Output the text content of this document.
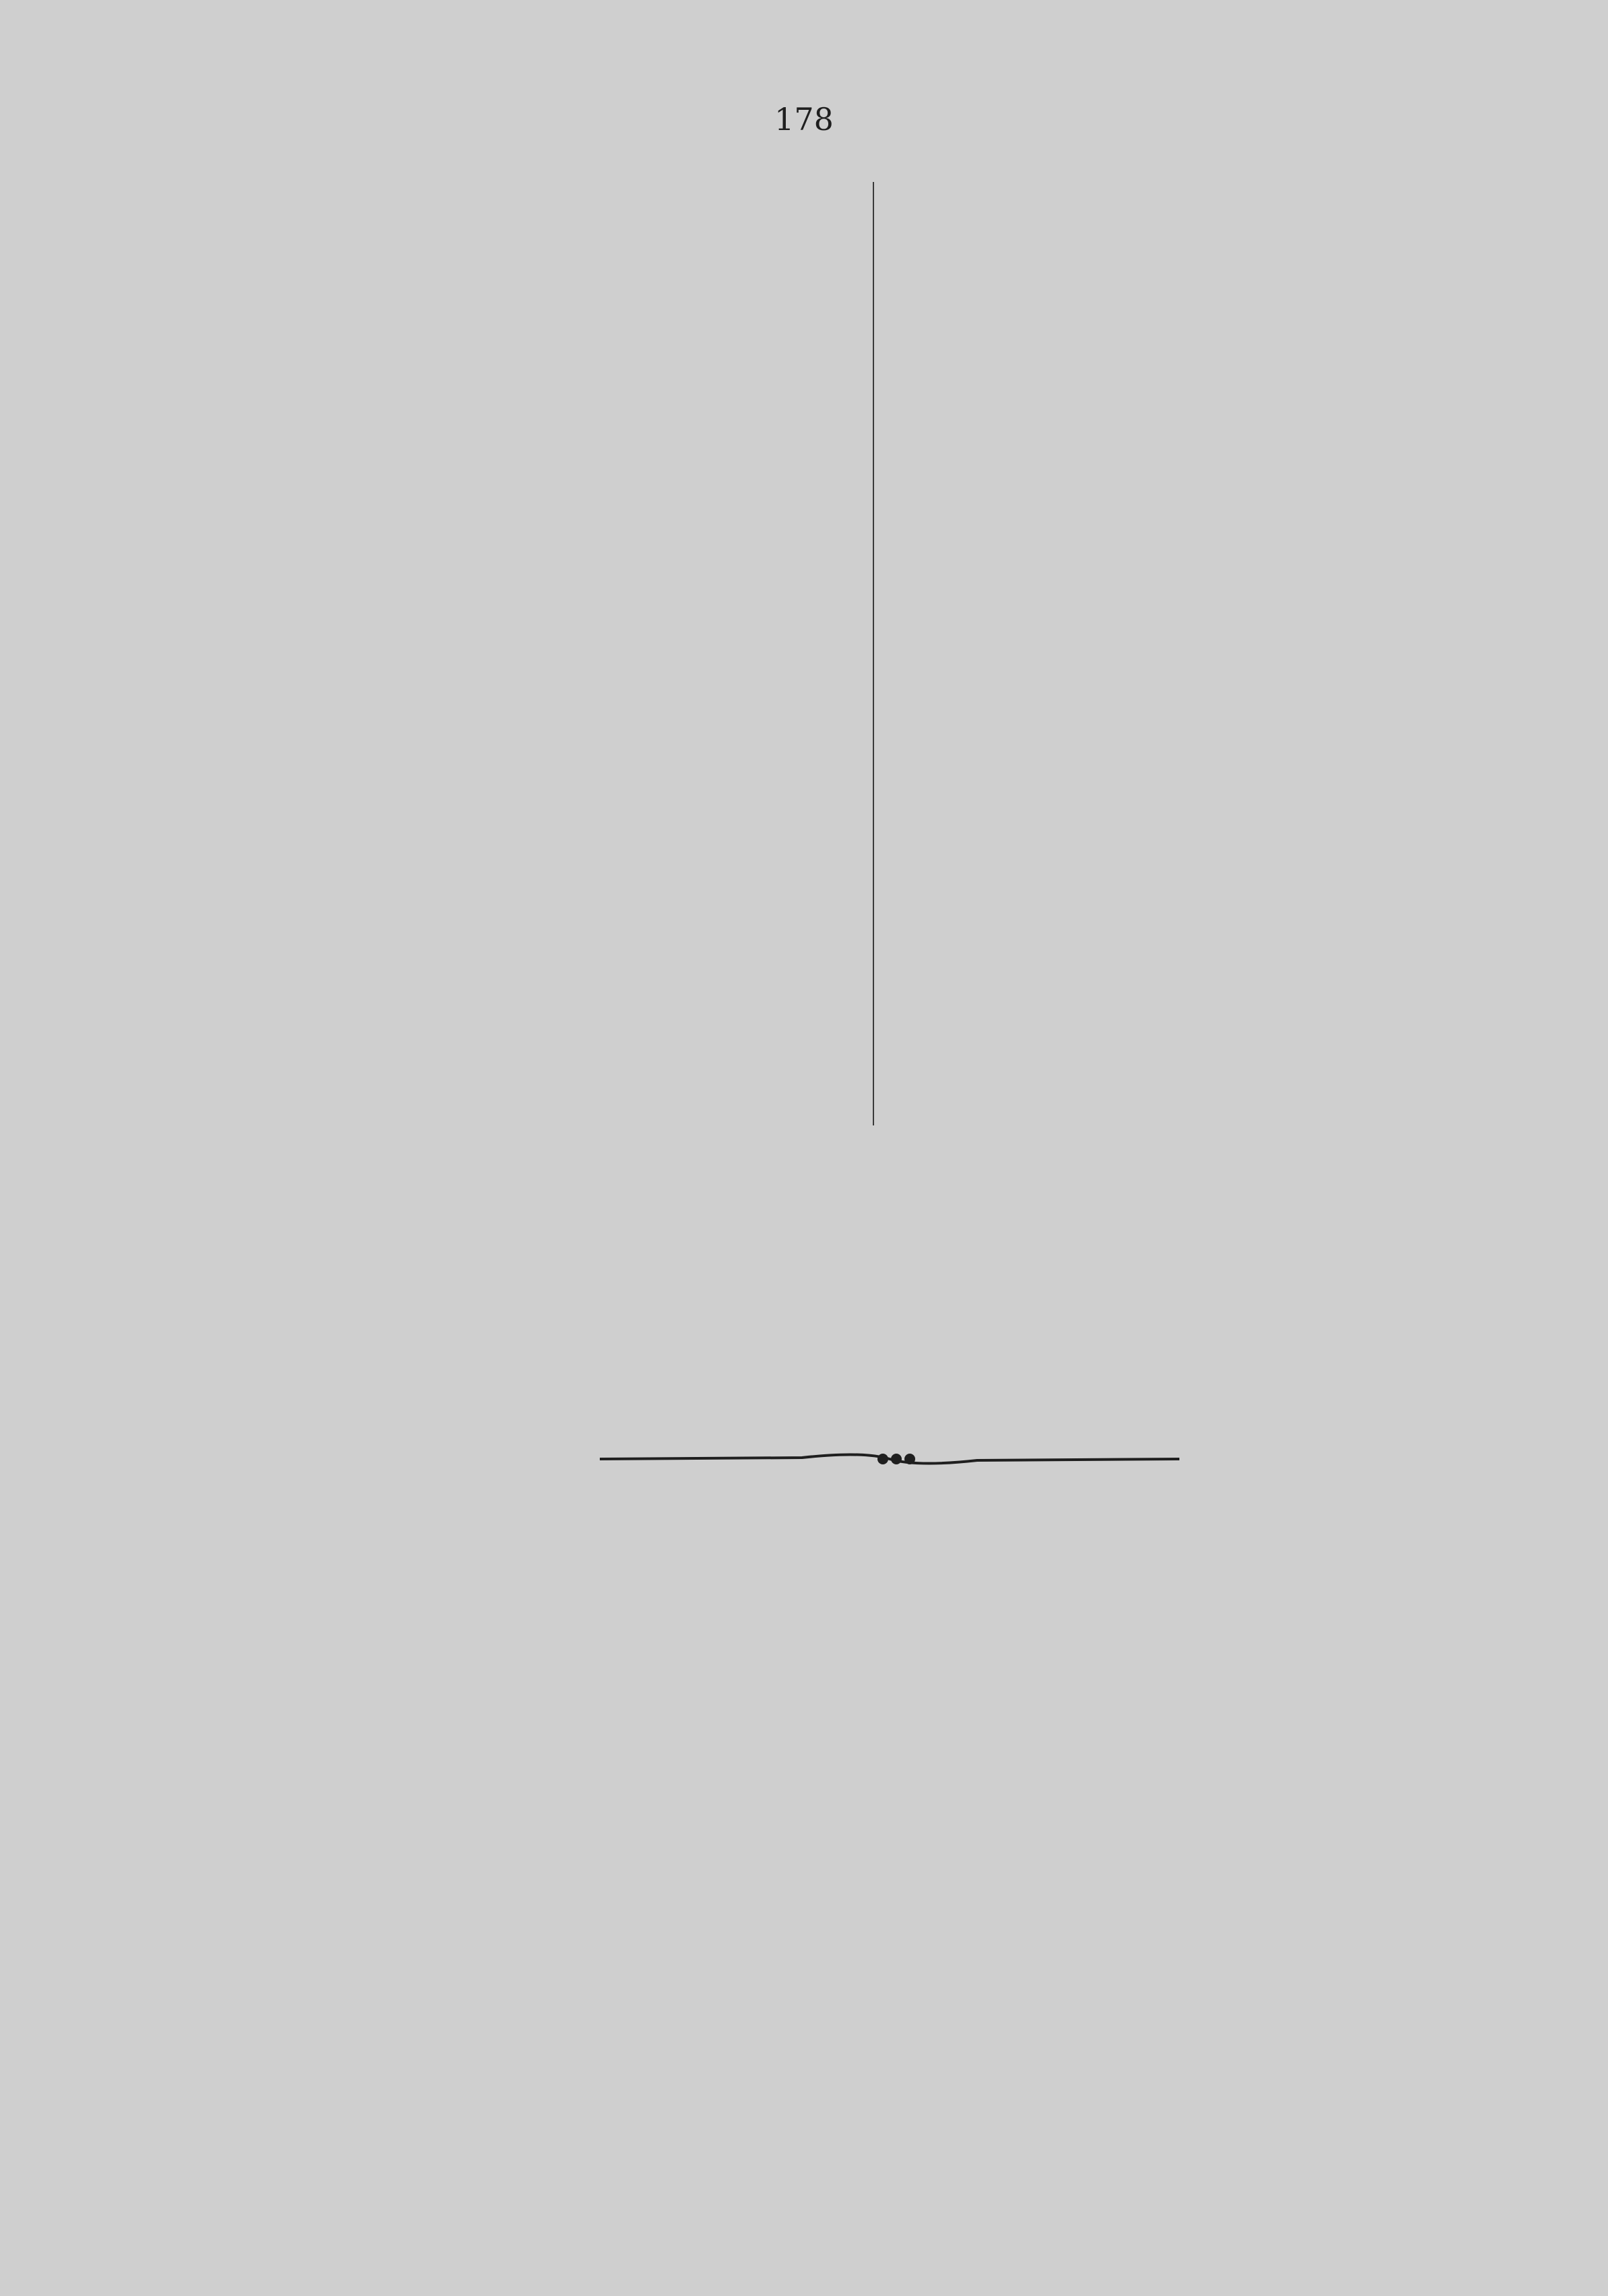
178
